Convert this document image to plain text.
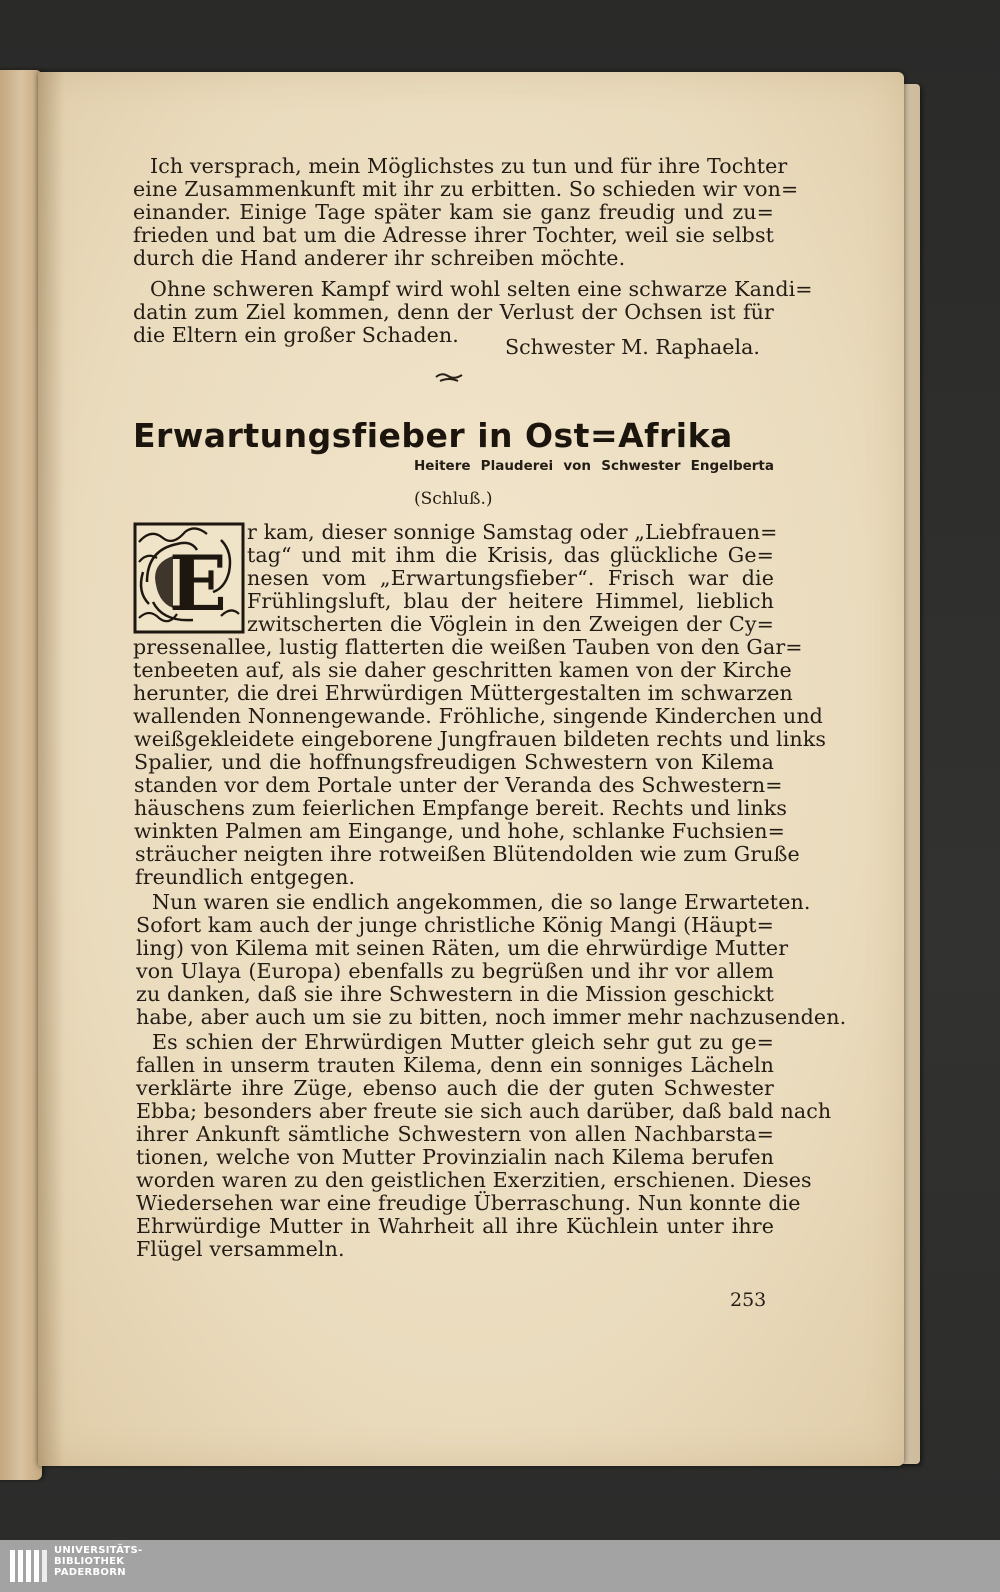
Ich versprach, mein Möglichstes zu tun und für ihre Tochter
eine Zusammenkunft mit ihr zu erbitten. So schieden wir von=
einander. Einige Tage später kam sie ganz freudig und zu=
frieden und bat um die Adresse ihrer Tochter, weil sie selbst
durch die Hand anderer ihr schreiben möchte.
Ohne schweren Kampf wird wohl selten eine schwarze Kandi=
datin zum Ziel kommen, denn der Verlust der Ochsen ist für
die Eltern ein großer Schaden. Schwester M. Raphaela.
Erwartungsfieber in Ost=Afrika
Heitere Plauderei von Schwester Engelberta
(Schluß.)
E
r kam, dieser sonnige Samstag oder „Liebfrauen=
tag“ und mit ihm die Krisis, das glückliche Ge=
nesen vom „Erwartungsfieber“. Frisch war die
Frühlingsluft, blau der heitere Himmel, lieblich
zwitscherten die Vöglein in den Zweigen der Cy=
pressenallee, lustig flatterten die weißen Tauben von den Gar=
tenbeeten auf, als sie daher geschritten kamen von der Kirche
herunter, die drei Ehrwürdigen Müttergestalten im schwarzen
wallenden Nonnengewande. Fröhliche, singende Kinderchen und
weißgekleidete eingeborene Jungfrauen bildeten rechts und links
Spalier, und die hoffnungsfreudigen Schwestern von Kilema
standen vor dem Portale unter der Veranda des Schwestern=
häuschens zum feierlichen Empfange bereit. Rechts und links
winkten Palmen am Eingange, und hohe, schlanke Fuchsien=
sträucher neigten ihre rotweißen Blütendolden wie zum Gruße
freundlich entgegen.
Nun waren sie endlich angekommen, die so lange Erwarteten.
Sofort kam auch der junge christliche König Mangi (Häupt=
ling) von Kilema mit seinen Räten, um die ehrwürdige Mutter
von Ulaya (Europa) ebenfalls zu begrüßen und ihr vor allem
zu danken, daß sie ihre Schwestern in die Mission geschickt
habe, aber auch um sie zu bitten, noch immer mehr nachzusenden.
Es schien der Ehrwürdigen Mutter gleich sehr gut zu ge=
fallen in unserm trauten Kilema, denn ein sonniges Lächeln
verklärte ihre Züge, ebenso auch die der guten Schwester
Ebba; besonders aber freute sie sich auch darüber, daß bald nach
ihrer Ankunft sämtliche Schwestern von allen Nachbarsta=
tionen, welche von Mutter Provinzialin nach Kilema berufen
worden waren zu den geistlichen Exerzitien, erschienen. Dieses
Wiedersehen war eine freudige Überraschung. Nun konnte die
Ehrwürdige Mutter in Wahrheit all ihre Küchlein unter ihre
Flügel versammeln.
253
UNIVERSITÄTS-
BIBLIOTHEK
PADERBORN
